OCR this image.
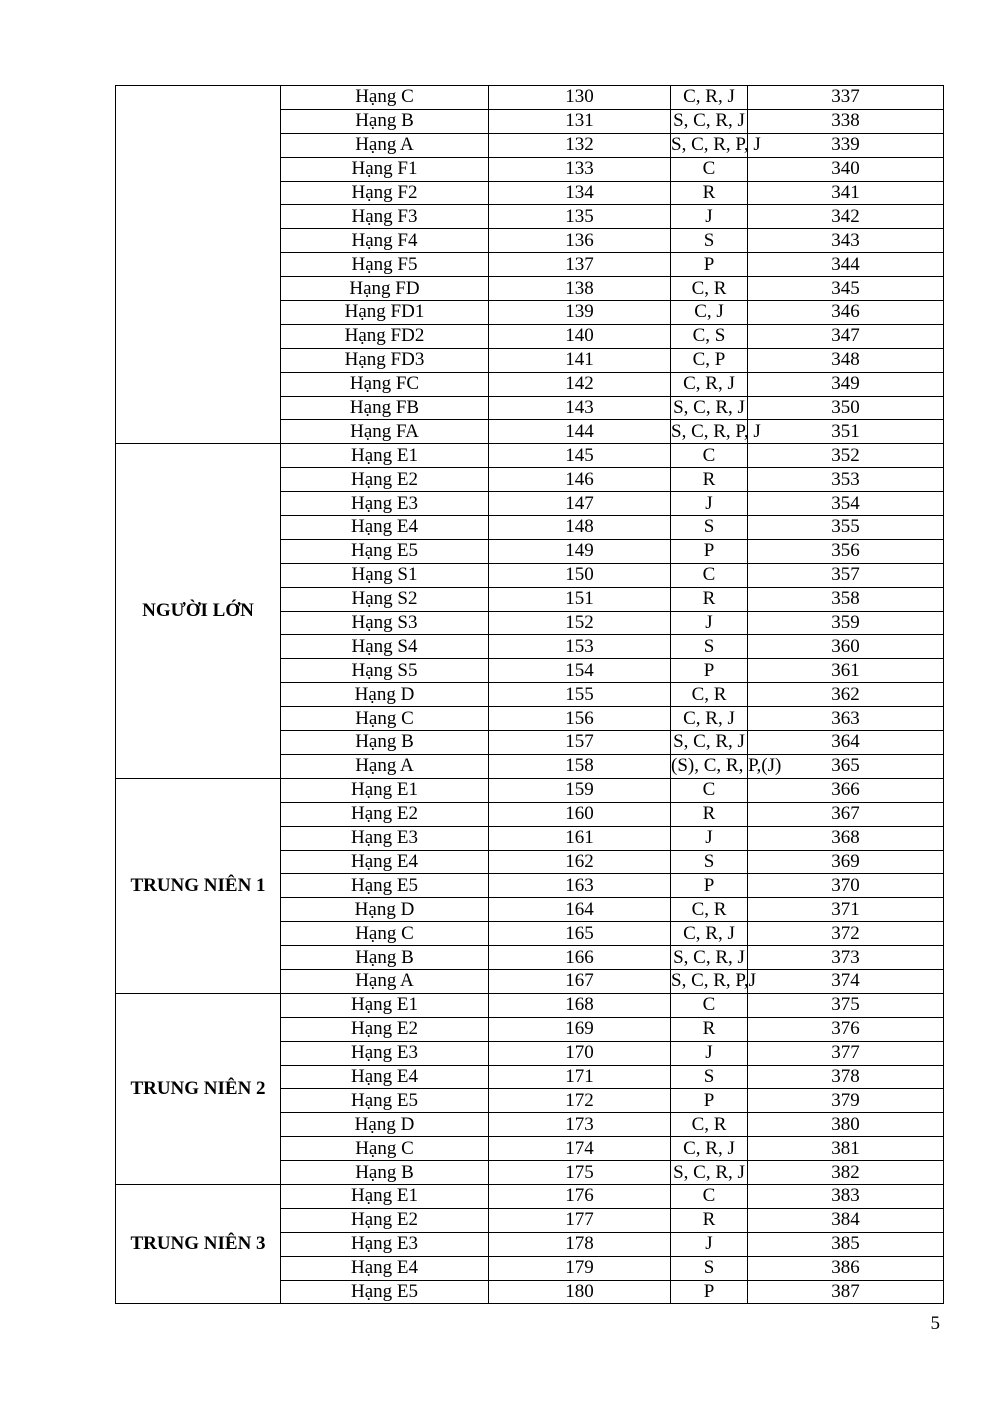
	Hạng C	130	C, R, J	337	
	Hạng B	131	S, C, R, J	338	
	Hạng A	132	S, C, R, P, J	339	
	Hạng F1	133	C	340	
	Hạng F2	134	R	341	
	Hạng F3	135	J	342	
	Hạng F4	136	S	343	
	Hạng F5	137	P	344	
	Hạng FD	138	C, R	345	
	Hạng FD1	139	C, J	346	
	Hạng FD2	140	C, S	347	
	Hạng FD3	141	C, P	348	
	Hạng FC	142	C, R, J	349	
	Hạng FB	143	S, C, R, J	350	
	Hạng FA	144	S, C, R, P, J	351	
NGƯỜI LỚN	Hạng E1	145	C	352	
	Hạng E2	146	R	353	
	Hạng E3	147	J	354	
	Hạng E4	148	S	355	
	Hạng E5	149	P	356	
	Hạng S1	150	C	357	
	Hạng S2	151	R	358	
	Hạng S3	152	J	359	
	Hạng S4	153	S	360	
	Hạng S5	154	P	361	
	Hạng D	155	C, R	362	
	Hạng C	156	C, R, J	363	
	Hạng B	157	S, C, R, J	364	
	Hạng A	158	(S), C, R, P,(J)	365	
TRUNG NIÊN 1	Hạng E1	159	C	366	
	Hạng E2	160	R	367	
	Hạng E3	161	J	368	
	Hạng E4	162	S	369	
	Hạng E5	163	P	370	
	Hạng D	164	C, R	371	
	Hạng C	165	C, R, J	372	
	Hạng B	166	S, C, R, J	373	
	Hạng A	167	S, C, R, P,J	374	
TRUNG NIÊN 2	Hạng E1	168	C	375	
	Hạng E2	169	R	376	
	Hạng E3	170	J	377	
	Hạng E4	171	S	378	
	Hạng E5	172	P	379	
	Hạng D	173	C, R	380	
	Hạng C	174	C, R, J	381	
	Hạng B	175	S, C, R, J	382	
TRUNG NIÊN 3	Hạng E1	176	C	383	
	Hạng E2	177	R	384	
	Hạng E3	178	J	385	
	Hạng E4	179	S	386	
	Hạng E5	180	P	387	
5
